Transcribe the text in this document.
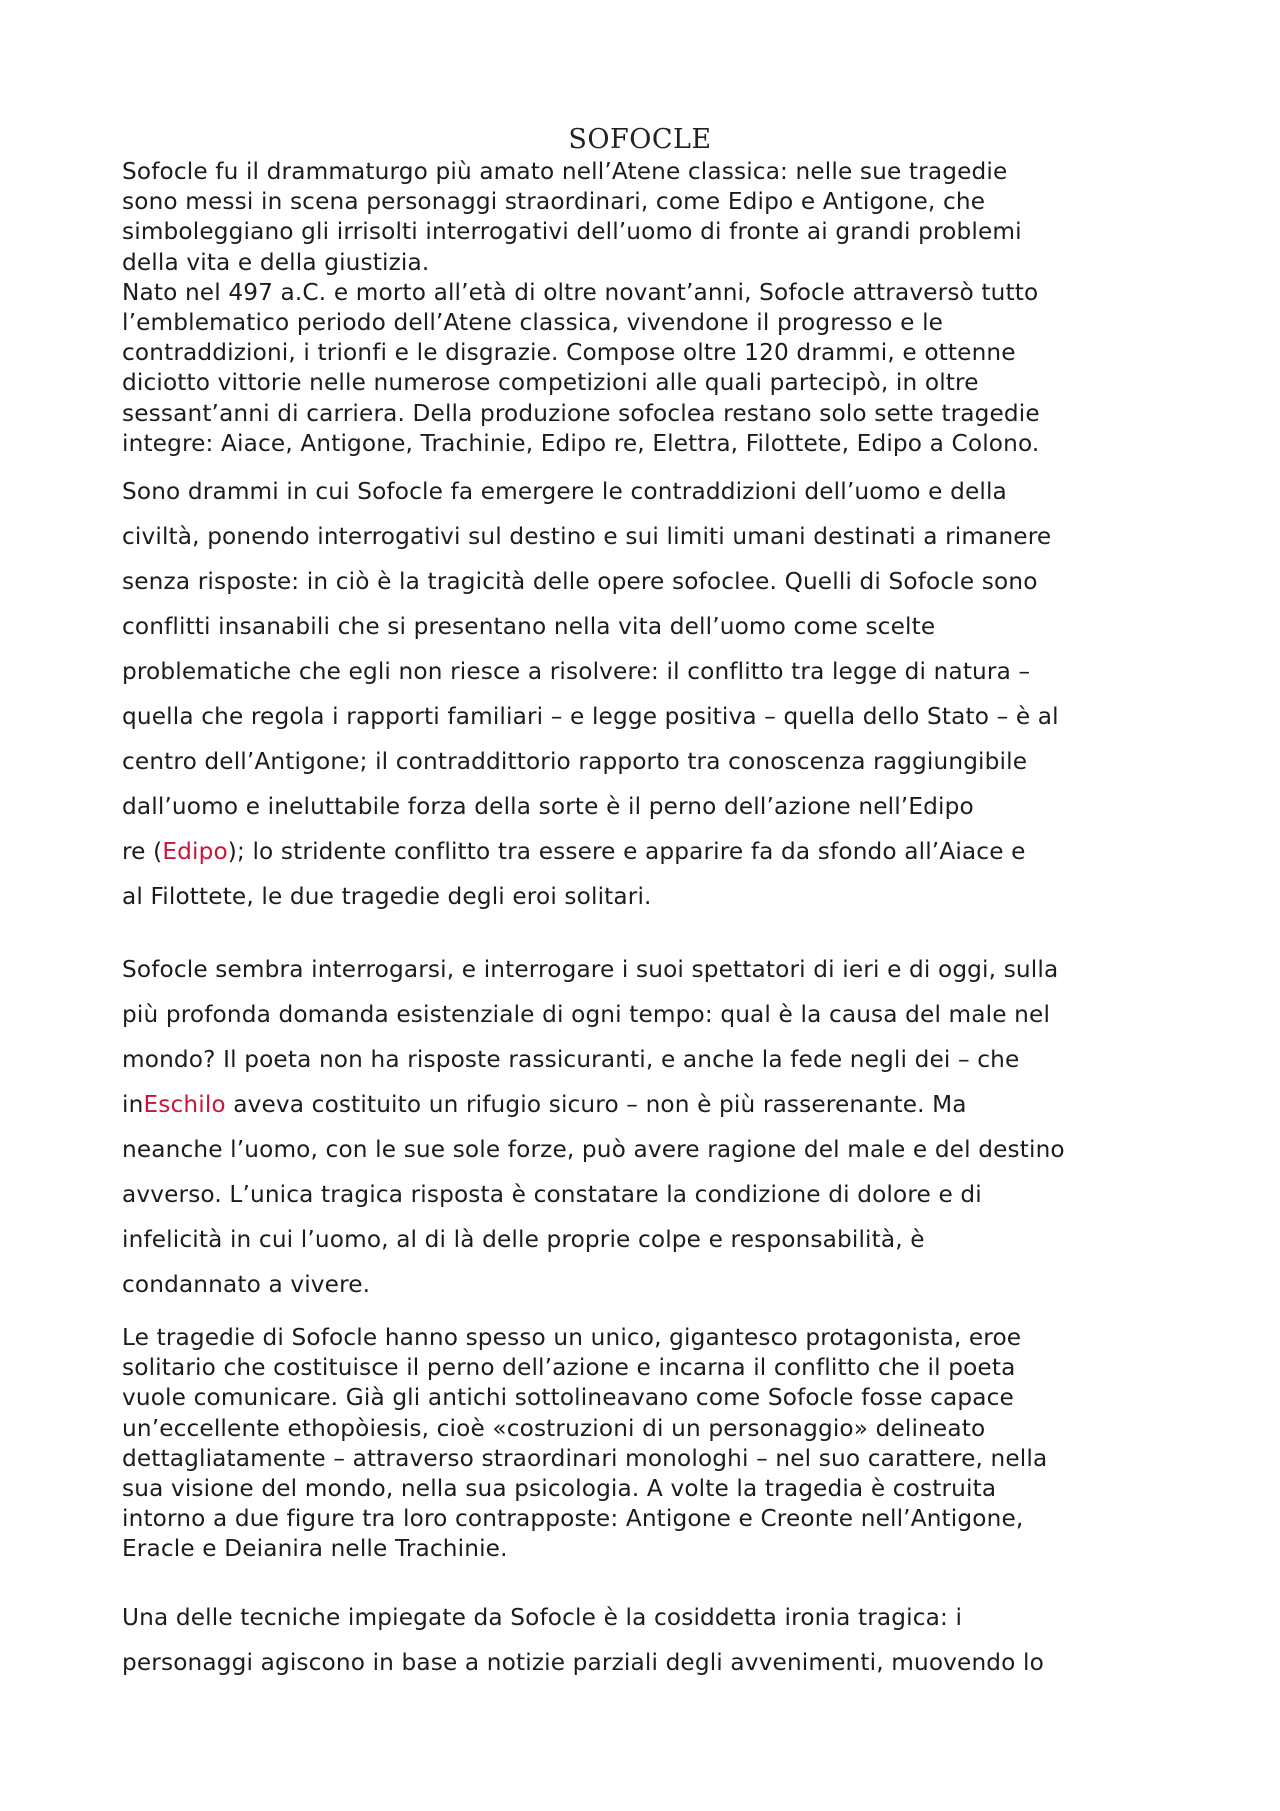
SOFOCLE
Sofocle fu il drammaturgo più amato nell’Atene classica: nelle sue tragedie
sono messi in scena personaggi straordinari, come Edipo e Antigone, che
simboleggiano gli irrisolti interrogativi dell’uomo di fronte ai grandi problemi
della vita e della giustizia.
Nato nel 497 a.C. e morto all’età di oltre novant’anni, Sofocle attraversò tutto
l’emblematico periodo dell’Atene classica, vivendone il progresso e le
contraddizioni, i trionfi e le disgrazie. Compose oltre 120 drammi, e ottenne
diciotto vittorie nelle numerose competizioni alle quali partecipò, in oltre
sessant’anni di carriera. Della produzione sofoclea restano solo sette tragedie
integre: Aiace, Antigone, Trachinie, Edipo re, Elettra, Filottete, Edipo a Colono.
Sono drammi in cui Sofocle fa emergere le contraddizioni dell’uomo e della
civiltà, ponendo interrogativi sul destino e sui limiti umani destinati a rimanere
senza risposte: in ciò è la tragicità delle opere sofoclee. Quelli di Sofocle sono
conflitti insanabili che si presentano nella vita dell’uomo come scelte
problematiche che egli non riesce a risolvere: il conflitto tra legge di natura –
quella che regola i rapporti familiari – e legge positiva – quella dello Stato – è al
centro dell’Antigone; il contraddittorio rapporto tra conoscenza raggiungibile
dall’uomo e ineluttabile forza della sorte è il perno dell’azione nell’Edipo
re (Edipo); lo stridente conflitto tra essere e apparire fa da sfondo all’Aiace e
al Filottete, le due tragedie degli eroi solitari.
Sofocle sembra interrogarsi, e interrogare i suoi spettatori di ieri e di oggi, sulla
più profonda domanda esistenziale di ogni tempo: qual è la causa del male nel
mondo? Il poeta non ha risposte rassicuranti, e anche la fede negli dei – che
inEschilo aveva costituito un rifugio sicuro – non è più rasserenante. Ma
neanche l’uomo, con le sue sole forze, può avere ragione del male e del destino
avverso. L’unica tragica risposta è constatare la condizione di dolore e di
infelicità in cui l’uomo, al di là delle proprie colpe e responsabilità, è
condannato a vivere.
Le tragedie di Sofocle hanno spesso un unico, gigantesco protagonista, eroe
solitario che costituisce il perno dell’azione e incarna il conflitto che il poeta
vuole comunicare. Già gli antichi sottolineavano come Sofocle fosse capace
un’eccellente ethopòiesis, cioè «costruzioni di un personaggio» delineato
dettagliatamente – attraverso straordinari monologhi – nel suo carattere, nella
sua visione del mondo, nella sua psicologia. A volte la tragedia è costruita
intorno a due figure tra loro contrapposte: Antigone e Creonte nell’Antigone,
Eracle e Deianira nelle Trachinie.
Una delle tecniche impiegate da Sofocle è la cosiddetta ironia tragica: i
personaggi agiscono in base a notizie parziali degli avvenimenti, muovendo lo
